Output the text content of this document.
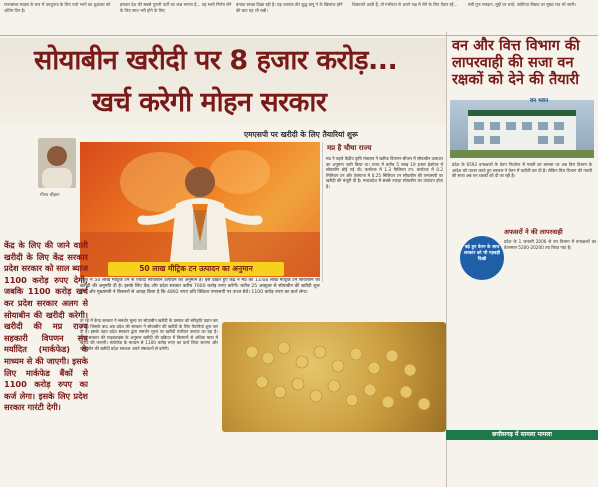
राज्यसभा सदस्य के रूप में उपचुनाव के लिए पर्चा भरने का शुक्रवार को अंतिम दिन है।
हराकर देश की सबसे पुरानी पार्टी का जश्न मनाना है... यह सभी निर्णय लेने के लिए साथ भरी होने के लिए
बनाया स्वच्छ दिखा रही है। यह व्यापक तौर बुद्ध बापू ने के खिलाफ होने की बात यह भी रखी।
शिकायतें आती हैं, तो गंभीरता से अपने पक्ष में लेने के लिए तैयार रहें...	मंत्री पुनः मतदान, मुद्दों पर चर्चा, जातिगत विवाद पर मुख्य राय भी जानी।
सोयाबीन खरीदी पर 8 हजार करोड़...
खर्च करेगी मोहन सरकार
गौरव चौहान
एमएसपी पर खरीदी के लिए तैयारियां शुरू
50 लाख मीट्रिक टन उत्पादन का अनुमान

मप्र ने पहले केंद्रीय कृषि मंत्रालय ने खरीफ विपणन सीजन में सोयाबीन उत्पादन का अनुमान जारी किया था। राज्य में करीब 5 लाख 19 हजार हेक्टेयर में सोयाबीन बोई गई थी। कर्नाटक में 1.3 मिलियन टन, कर्नाटक में 0.2 मिलियन टन और तेलंगाना में 0.25 मिलियन टन सोयाबीन की एमएसपी पर खरीदी की मंजूरी दी है। मध्यप्रदेश में सबसे ज्यादा सोयाबीन का उत्पादन होता है।

मप्र है चौथा राज्य

केंद्र के लिए की जाने वाली खरीदी के लिए केंद्र सरकार प्रदेश सरकार को साल ब्याज 1100 करोड़ रुपए देगी, जबकि 1100 करोड़ खर्च कर प्रदेश सरकार अलग से सोयाबीन की खरीदी करेगी। खरीदी की मप्र राज्य सहकारी विपणन संघ मर्यादित (मार्कफेड) के माध्यम से की जाएगी। इसके लिए मार्कफेड बैंकों से 1100 करोड़ रुपए का कर्ज लेगा। इसके लिए प्रदेश सरकार गारंटी देगी।

प्रदेश में 50 लाख मीट्रिक टन से ज्यादा सोयाबीन उत्पादन का अनुमान है। इसे देखते हुए केंद्र ने मप्र को 13.68 लाख मीट्रिक टन सोयाबीन की खरीदी की अनुमति दी है। इसके लिए केंद्र और प्रदेश सरकार करीब 7000 करोड़ रुपए करेगी। करीब 25 अक्टूबर से सोयाबीन की खरीदी शुरू होगी और मुख्यमंत्री ने किसानों से आग्रह किया है कि 4892 रुपए प्रति क्विंटल एमएसपी पर उपज बेचें। 1100 करोड़ रुपए का कर्ज लेगा।

ता रहे में केन्द्र सरकार ने समर्थन मूल्य पर सोयाबीन खरीदी के प्रस्ताव को स्वीकृति प्रदान कर दी है। जिसके बाद अब प्रदेश की सरकार ने सोयाबीन की खरीदी के लिए तैयारियां शुरू कर दी हैं। इसके तहत प्रदेश सरकार द्वारा समर्थन मूल्य पर खरीदी पंजीयन कराया जा रहा है। केन्द्र सरकार की गाइडलाइंस के अनुसार खरीदी की प्रक्रिया में किसानों से अधिक मात्रा में खरीद की जाएगी। मार्कफेड के माध्यम से 1100 करोड़ रुपए का कर्ज लिया जाएगा और सोयाबीन की खरीदी प्रदेश सरकार अपने संसाधनों से करेगी।

वन और वित्त विभाग की लापरवाही की सजा वन रक्षकों को देने की तैयारी
वन भवन

प्रदेश के 6592 वनरक्षकों के वेतन निर्धारण में गलती का मामला पर अब वित्त विभाग के आदेश को पालन करते हुए सरकार ने वेतन में कटौती कर दी है। लेकिन वित्त विभाग की गलती की सजा अब वन रक्षकों को दी जा रही है।

बढ़े हुए वेतन के साथ सरकार को भी गड़बड़ी दिखी
अफसरों ने की लापरवाही

प्रदेश के 1 जनवरी 2006 से वन विभाग में वनरक्षकों का वेतनमान 5200-20200 तय किया गया है।

छत्तीसगढ़ में सामला मामला
